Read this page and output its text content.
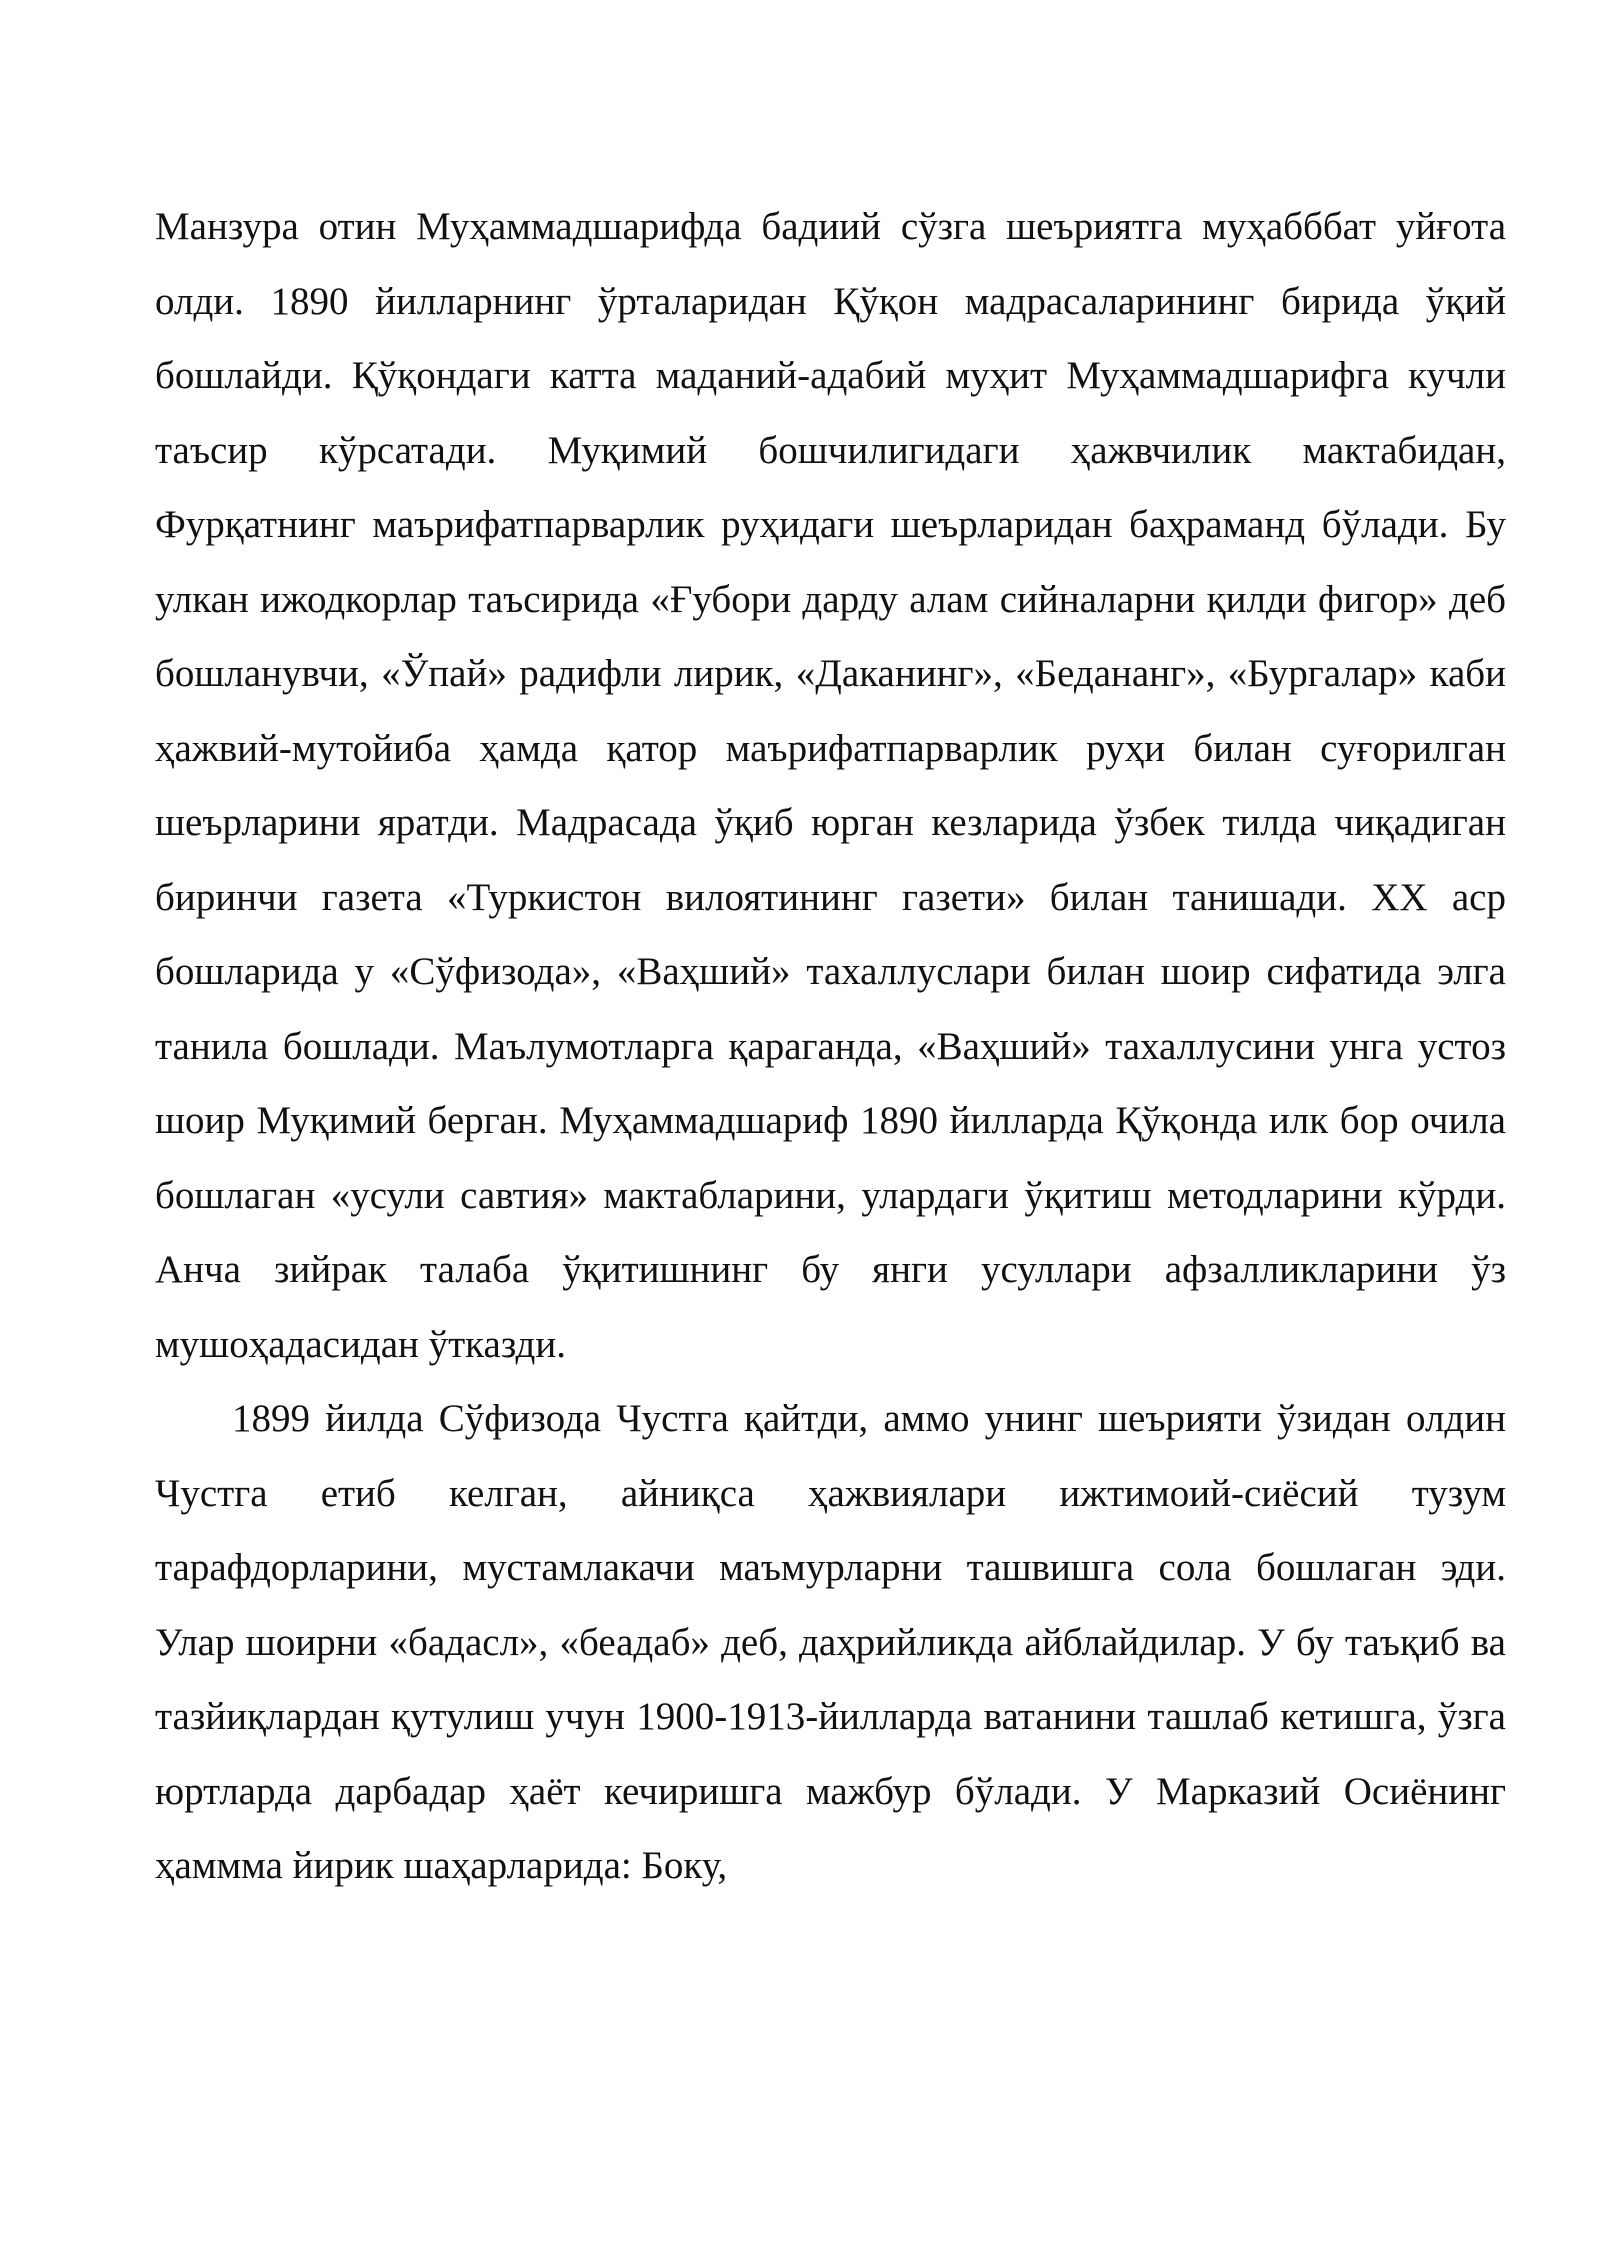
Манзура отин Муҳаммадшарифда бадиий сўзга шеъриятга муҳабббат уйғота олди. 1890 йилларнинг ўрталаридан Қўқон мадрасаларининг бирида ўқий бошлайди. Қўқондаги катта маданий-адабий муҳит Муҳаммадшарифга кучли таъсир кўрсатади. Муқимий бошчилигидаги ҳажвчилик мактабидан, Фурқатнинг маърифатпарварлик руҳидаги шеърларидан баҳраманд бўлади. Бу улкан ижодкорлар таъсирида «Ғубори дарду алам сийналарни қилди фигор» деб бошланувчи, «Ўпай» радифли лирик, «Даканинг», «Бедананг», «Бургалар» каби ҳажвий-мутойиба ҳамда қатор маърифатпарварлик руҳи билан суғорилган шеърларини яратди. Мадрасада ўқиб юрган кезларида ўзбек тилда чиқадиган биринчи газета «Туркистон вилоятининг газети» билан танишади. XX аср бошларида у «Сўфизода», «Ваҳший» тахаллуслари билан шоир сифатида элга танила бошлади. Маълумотларга қараганда, «Ваҳший» тахаллусини унга устоз шоир Муқимий берган. Муҳаммадшариф 1890 йилларда Қўқонда илк бор очила бошлаган «усули савтия» мактабларини, улардаги ўқитиш методларини кўрди. Анча зийрак талаба ўқитишнинг бу янги усуллари афзалликларини ўз мушоҳадасидан ўтказди.

1899 йилда Сўфизода Чустга қайтди, аммо унинг шеърияти ўзидан олдин Чустга етиб келган, айниқса ҳажвиялари ижтимоий-сиёсий тузум тарафдорларини, мустамлакачи маъмурларни ташвишга сола бошлаган эди. Улар шоирни «бадасл», «беадаб» деб, даҳрийликда айблайдилар. У бу таъқиб ва тазйиқлардан қутулиш учун 1900-1913-йилларда ватанини ташлаб кетишга, ўзга юртларда дарбадар ҳаёт кечиришга мажбур бўлади. У Марказий Осиёнинг ҳаммма йирик шаҳарларида: Боку,
